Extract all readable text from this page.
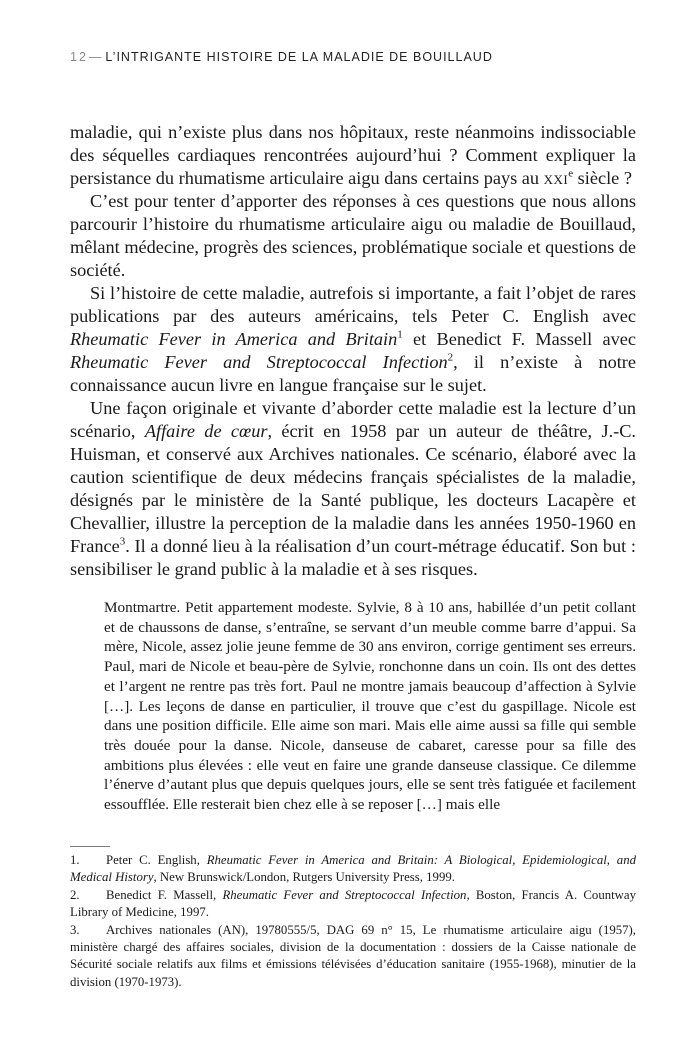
12— L’INTRIGANTE HISTOIRE DE LA MALADIE DE BOUILLAUD

maladie, qui n’existe plus dans nos hôpitaux, reste néanmoins indissociable des séquelles cardiaques rencontrées aujourd’hui ? Comment expliquer la persistance du rhumatisme articulaire aigu dans certains pays au xxi$^e$ siècle ?

C’est pour tenter d’apporter des réponses à ces questions que nous allons parcourir l’histoire du rhumatisme articulaire aigu ou maladie de Bouillaud, mêlant médecine, progrès des sciences, problématique sociale et questions de société.

Si l’histoire de cette maladie, autrefois si importante, a fait l’objet de rares publications par des auteurs américains, tels Peter C. English avec Rheumatic Fever in America and Britain$^1$ et Benedict F. Massell avec Rheumatic Fever and Streptococcal Infection$^2$, il n’existe à notre connaissance aucun livre en langue française sur le sujet.

Une façon originale et vivante d’aborder cette maladie est la lecture d’un scénario, Affaire de cœur, écrit en 1958 par un auteur de théâtre, J.-C. Huisman, et conservé aux Archives nationales. Ce scénario, élaboré avec la caution scientifique de deux médecins français spécialistes de la maladie, désignés par le ministère de la Santé publique, les docteurs Lacapère et Chevallier, illustre la perception de la maladie dans les années 1950-1960 en France$^3$. Il a donné lieu à la réalisation d’un court-métrage éducatif. Son but : sensibiliser le grand public à la maladie et à ses risques.

Montmartre. Petit appartement modeste. Sylvie, 8 à 10 ans, habillée d’un petit collant et de chaussons de danse, s’entraîne, se servant d’un meuble comme barre d’appui. Sa mère, Nicole, assez jolie jeune femme de 30 ans environ, corrige gentiment ses erreurs. Paul, mari de Nicole et beau-père de Sylvie, ronchonne dans un coin. Ils ont des dettes et l’argent ne rentre pas très fort. Paul ne montre jamais beaucoup d’affection à Sylvie […]. Les leçons de danse en particulier, il trouve que c’est du gaspillage. Nicole est dans une position difficile. Elle aime son mari. Mais elle aime aussi sa fille qui semble très douée pour la danse. Nicole, danseuse de cabaret, caresse pour sa fille des ambitions plus élevées : elle veut en faire une grande danseuse classique. Ce dilemme l’énerve d’autant plus que depuis quelques jours, elle se sent très fatiguée et facilement essoufflée. Elle resterait bien chez elle à se reposer […] mais elle

1. Peter C. English, Rheumatic Fever in America and Britain: A Biological, Epidemiological, and Medical History, New Brunswick/London, Rutgers University Press, 1999.

2. Benedict F. Massell, Rheumatic Fever and Streptococcal Infection, Boston, Francis A. Countway Library of Medicine, 1997.

3. Archives nationales (AN), 19780555/5, DAG 69 n° 15, Le rhumatisme articulaire aigu (1957), ministère chargé des affaires sociales, division de la documentation : dossiers de la Caisse nationale de Sécurité sociale relatifs aux films et émissions télévisées d’éducation sanitaire (1955-1968), minutier de la division (1970-1973).
